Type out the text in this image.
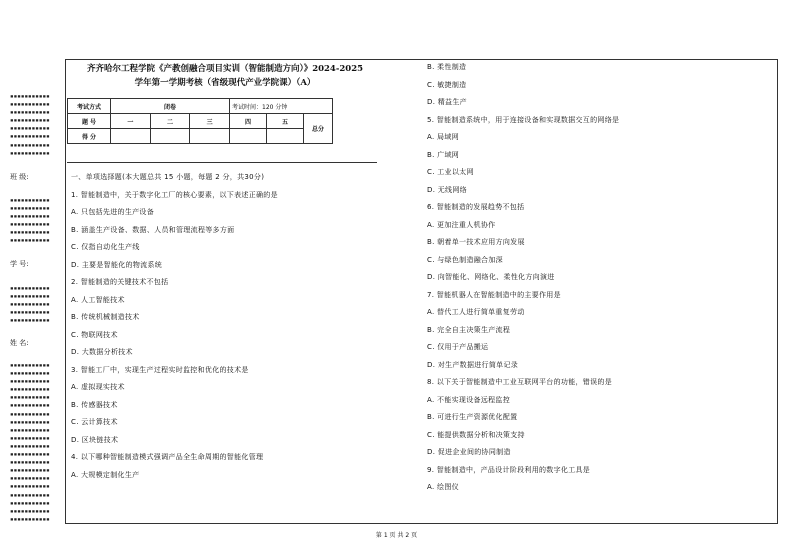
▪▪▪▪▪▪▪▪▪▪▪
▪▪▪▪▪▪▪▪▪▪▪
▪▪▪▪▪▪▪▪▪▪▪
▪▪▪▪▪▪▪▪▪▪▪
▪▪▪▪▪▪▪▪▪▪▪
▪▪▪▪▪▪▪▪▪▪▪
▪▪▪▪▪▪▪▪▪▪▪
▪▪▪▪▪▪▪▪▪▪▪
班 级:
▪▪▪▪▪▪▪▪▪▪▪
▪▪▪▪▪▪▪▪▪▪▪
▪▪▪▪▪▪▪▪▪▪▪
▪▪▪▪▪▪▪▪▪▪▪
▪▪▪▪▪▪▪▪▪▪▪
▪▪▪▪▪▪▪▪▪▪▪
学 号:
▪▪▪▪▪▪▪▪▪▪▪
▪▪▪▪▪▪▪▪▪▪▪
▪▪▪▪▪▪▪▪▪▪▪
▪▪▪▪▪▪▪▪▪▪▪
▪▪▪▪▪▪▪▪▪▪▪
姓 名:
▪▪▪▪▪▪▪▪▪▪▪
▪▪▪▪▪▪▪▪▪▪▪
▪▪▪▪▪▪▪▪▪▪▪
▪▪▪▪▪▪▪▪▪▪▪
▪▪▪▪▪▪▪▪▪▪▪
▪▪▪▪▪▪▪▪▪▪▪
▪▪▪▪▪▪▪▪▪▪▪
▪▪▪▪▪▪▪▪▪▪▪
▪▪▪▪▪▪▪▪▪▪▪
▪▪▪▪▪▪▪▪▪▪▪
▪▪▪▪▪▪▪▪▪▪▪
▪▪▪▪▪▪▪▪▪▪▪
▪▪▪▪▪▪▪▪▪▪▪
▪▪▪▪▪▪▪▪▪▪▪
▪▪▪▪▪▪▪▪▪▪▪
▪▪▪▪▪▪▪▪▪▪▪
▪▪▪▪▪▪▪▪▪▪▪
▪▪▪▪▪▪▪▪▪▪▪
▪▪▪▪▪▪▪▪▪▪▪
▪▪▪▪▪▪▪▪▪▪▪
齐齐哈尔工程学院《产教创融合项目实训（智能制造方向）》2024-2025
学年第一学期考核（省级现代产业学院课）（A）
考试方式	闭卷			考试时间：120 分钟		
题 号	一	二	三	四	五	总分
得 分						
一、单项选择题(本大题总共 15 小题，每题 2 分，共30分)
1. 智能制造中，关于数字化工厂的核心要素，以下表述正确的是
A. 只包括先进的生产设备
B. 涵盖生产设备、数据、人员和管理流程等多方面
C. 仅指自动化生产线
D. 主要是智能化的物流系统
2. 智能制造的关键技术不包括
A. 人工智能技术
B. 传统机械制造技术
C. 物联网技术
D. 大数据分析技术
3. 智能工厂中，实现生产过程实时监控和优化的技术是
A. 虚拟现实技术
B. 传感器技术
C. 云计算技术
D. 区块链技术
4. 以下哪种智能制造模式强调产品全生命周期的智能化管理
A. 大规模定制化生产
B. 柔性制造
C. 敏捷制造
D. 精益生产
5. 智能制造系统中，用于连接设备和实现数据交互的网络是
A. 局域网
B. 广域网
C. 工业以太网
D. 无线网络
6. 智能制造的发展趋势不包括
A. 更加注重人机协作
B. 朝着单一技术应用方向发展
C. 与绿色制造融合加深
D. 向智能化、网络化、柔性化方向演进
7. 智能机器人在智能制造中的主要作用是
A. 替代工人进行简单重复劳动
B. 完全自主决策生产流程
C. 仅用于产品搬运
D. 对生产数据进行简单记录
8. 以下关于智能制造中工业互联网平台的功能，错误的是
A. 不能实现设备远程监控
B. 可进行生产资源优化配置
C. 能提供数据分析和决策支持
D. 促进企业间的协同制造
9. 智能制造中，产品设计阶段利用的数字化工具是
A. 绘图仪
第 1 页 共 2 页
